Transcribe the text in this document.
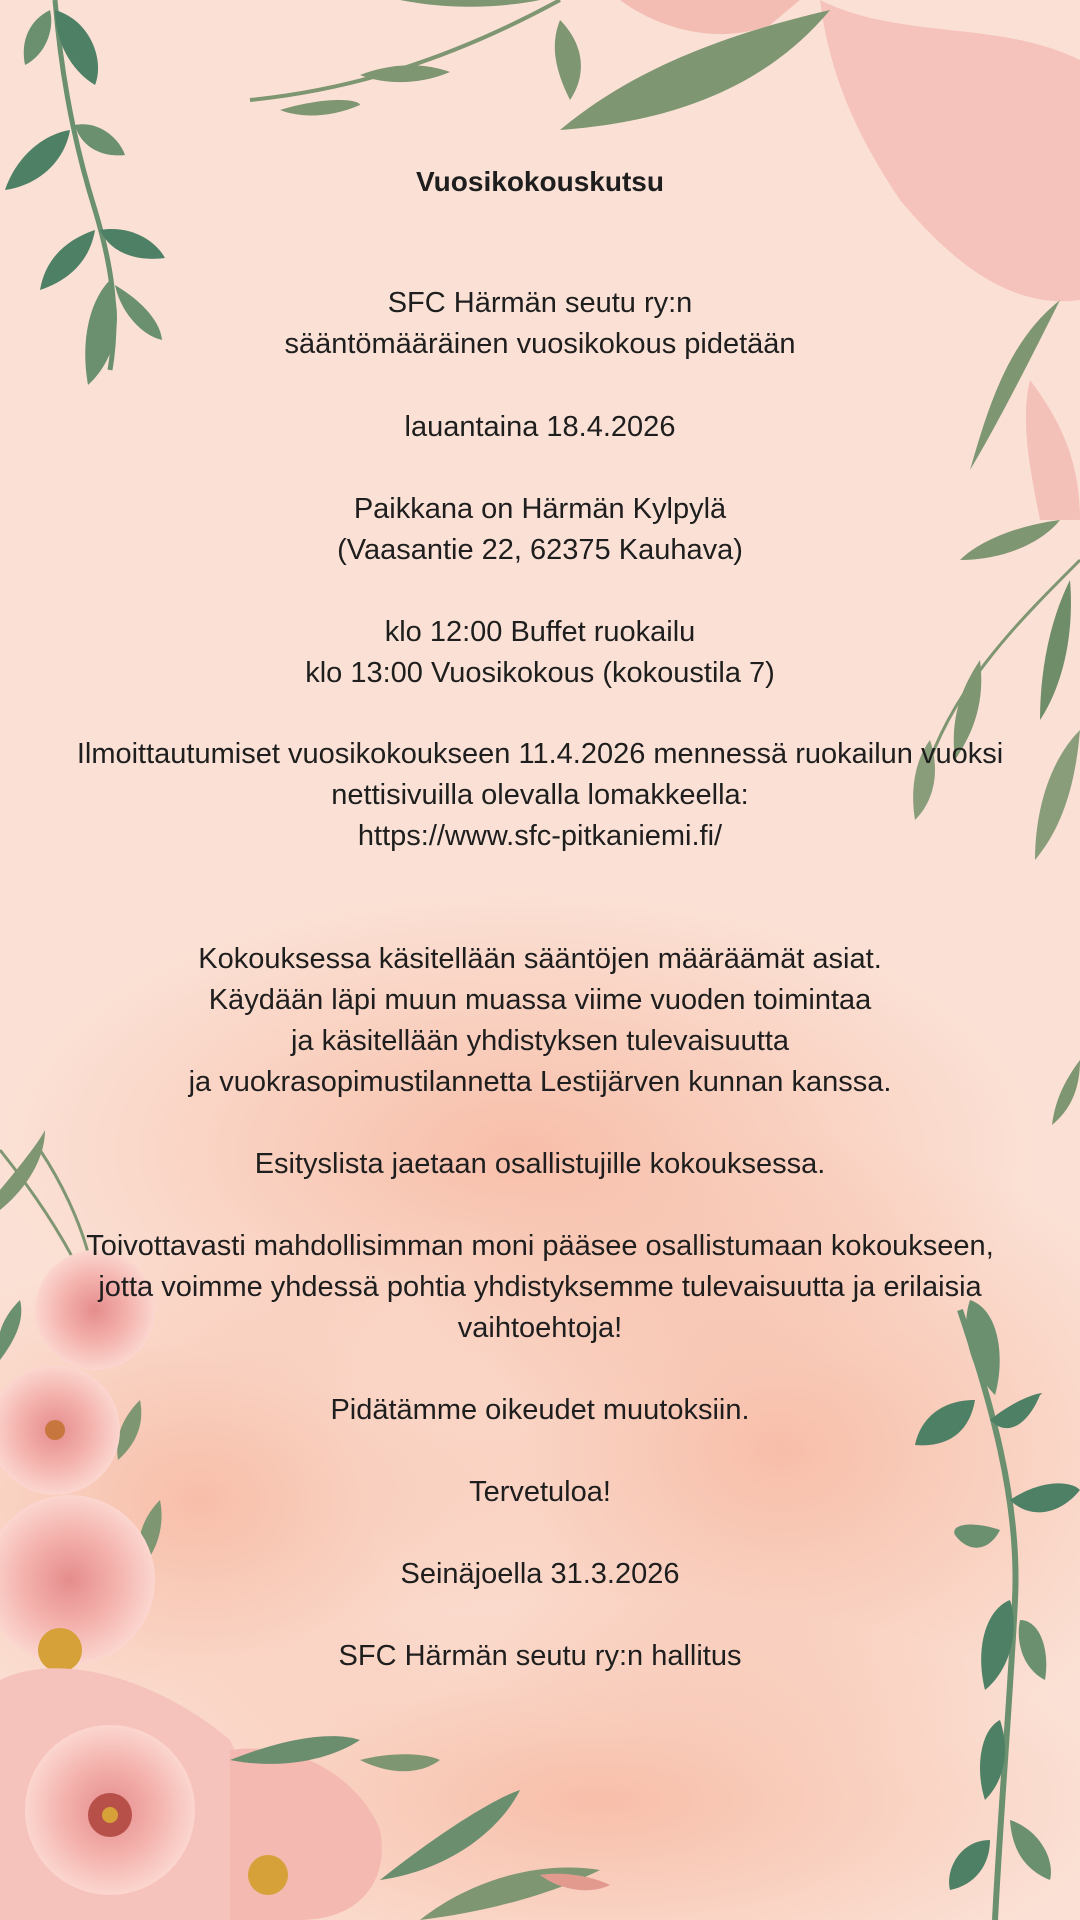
Vuosikokouskutsu

SFC Härmän seutu ry:n
sääntömääräinen vuosikokous pidetään

lauantaina 18.4.2026

Paikkana on Härmän Kylpylä
(Vaasantie 22, 62375 Kauhava)

klo 12:00 Buffet ruokailu
klo 13:00 Vuosikokous (kokoustila 7)

Ilmoittautumiset vuosikokoukseen 11.4.2026 mennessä ruokailun vuoksi
nettisivuilla olevalla lomakkeella:
https://www.sfc-pitkaniemi.fi/

Kokouksessa käsitellään sääntöjen määräämät asiat.
Käydään läpi muun muassa viime vuoden toimintaa
ja käsitellään yhdistyksen tulevaisuutta
ja vuokrasopimustilannetta Lestijärven kunnan kanssa.

Esityslista jaetaan osallistujille kokouksessa.

Toivottavasti mahdollisimman moni pääsee osallistumaan kokoukseen,
jotta voimme yhdessä pohtia yhdistyksemme tulevaisuutta ja erilaisia
vaihtoehtoja!

Pidätämme oikeudet muutoksiin.

Tervetuloa!

Seinäjoella 31.3.2026

SFC Härmän seutu ry:n hallitus
